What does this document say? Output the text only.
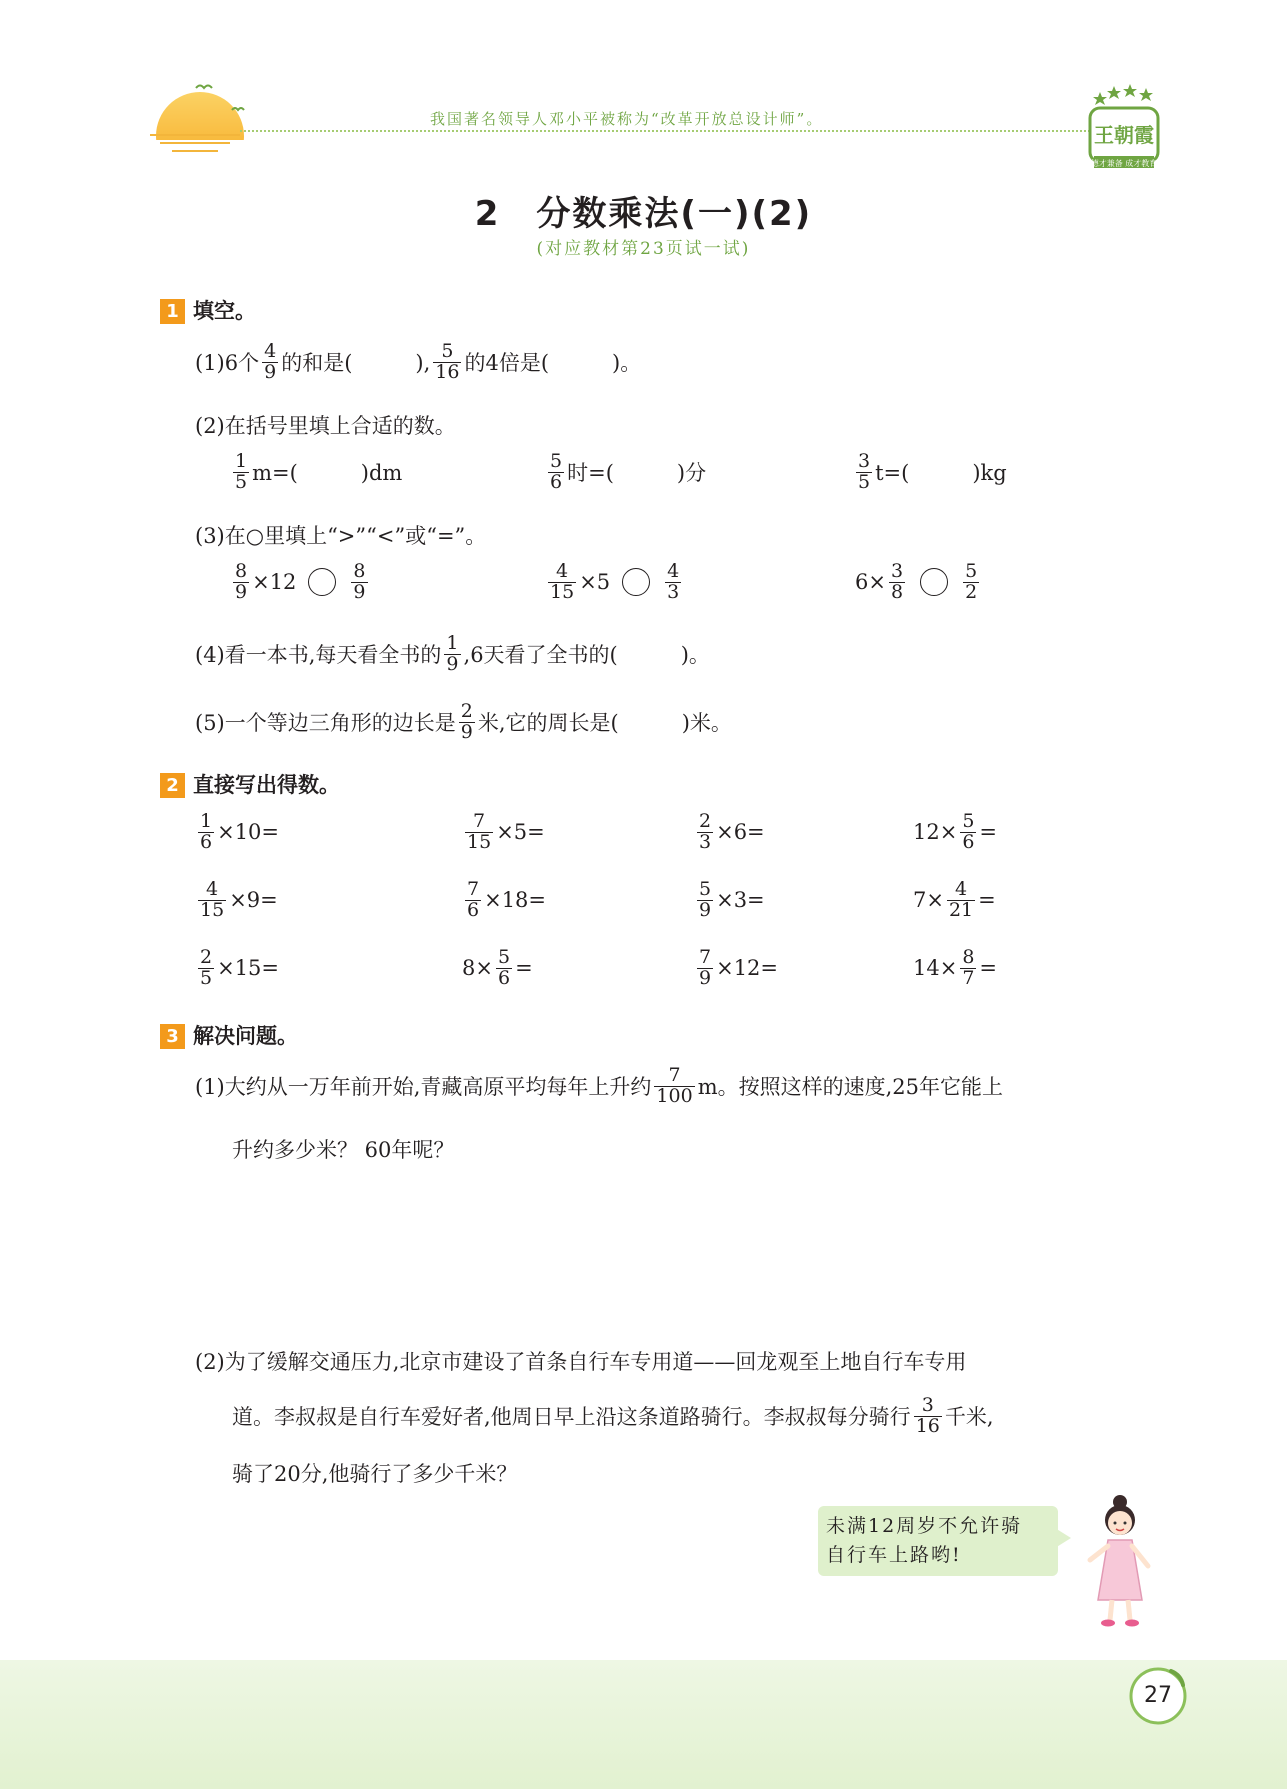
我国著名领导人邓小平被称为“改革开放总设计师”。
王朝霞
德才兼备 成才教育
2　分数乘法(一)(2)
(对应教材第23页试一试)
1 填空。
(1)6个 $\frac{4}{9}$ 的和是(　　　), $\frac{5}{16}$ 的4倍是(　　　)。
(2)在括号里填上合适的数。
$\frac{1}{5} m=$(　　　)dm	$\frac{5}{6}$ 时=(　　　)分	$\frac{3}{5} t=$(　　　)kg
(3)在○里填上“>”“<”或“=”。
$\frac{8}{9} \times 12$	$\frac{8}{9}$	$\frac{4}{15} \times 5$	$\frac{4}{3}$	$6\times \frac{3}{8}$	$\frac{5}{2}$
(4)看一本书,每天看全书的 $\frac{1}{9} ,6$天看了全书的(　　　)。
(5)一个等边三角形的边长是 $\frac{2}{9}$ 米,它的周长是(　　　)米。
2 直接写出得数。
$\frac{1}{6} \times 10=$	$\frac{7}{15} \times 5=$	$\frac{2}{3} \times 6=$	$12\times \frac{5}{6}$ =
$\frac{4}{15} \times 9=$	$\frac{7}{6} \times 18=$	$\frac{5}{9} \times 3=$	$7\times \frac{4}{21}$ =
$\frac{2}{5} \times 15=$	$8\times \frac{5}{6}$ =	$\frac{7}{9} \times 12=$	$14\times \frac{8}{7}$ =
3 解决问题。
(1)大约从一万年前开始,青藏高原平均每年上升约 $\frac{7}{100}$ m。按照这样的速度,25年它能上
升约多少米？ 60年呢？
(2)为了缓解交通压力,北京市建设了首条自行车专用道——回龙观至上地自行车专用
道。李叔叔是自行车爱好者,他周日早上沿这条道路骑行。李叔叔每分骑行 $\frac{3}{16}$ 千米,
骑了20分,他骑行了多少千米？
未满12周岁不允许骑
自行车上路哟!
27
